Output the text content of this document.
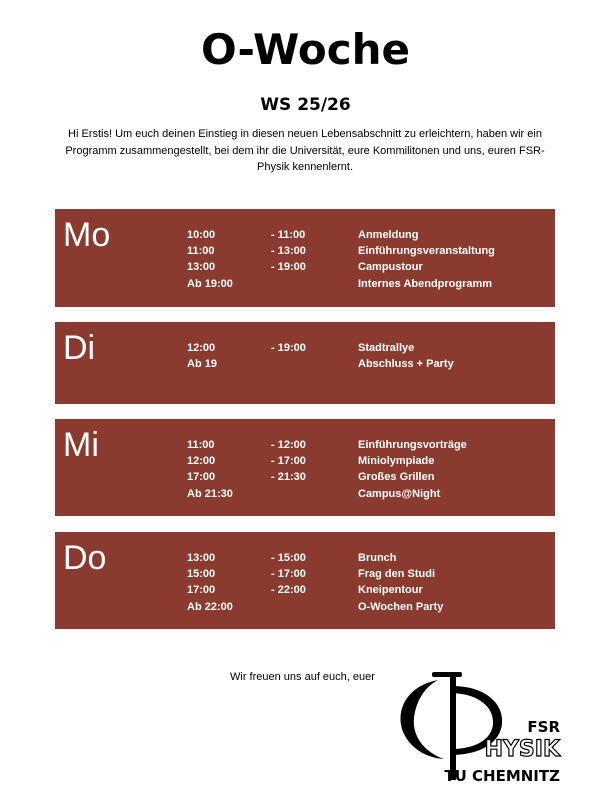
O-Woche
WS 25/26
Hi Erstis! Um euch deinen Einstieg in diesen neuen Lebensabschnitt zu erleichtern, haben wir ein Programm zusammengestellt, bei dem ihr die Universität, eure Kommilitonen und uns, euren FSR-Physik kennenlernt.
Mo	10:00	- 11:00	Anmeldung
11:00	- 13:00	Einführungsveranstaltung
13:00	- 19:00	Campustour
Ab 19:00	Internes Abendprogramm
Di	12:00	- 19:00	Stadtrallye
Ab 19	Abschluss + Party
Mi	11:00	- 12:00	Einführungsvorträge
12:00	- 17:00	Miniolympiade
17:00	- 21:30	Großes Grillen
Ab 21:30	Campus@Night
Do	13:00	- 15:00	Brunch
15:00	- 17:00	Frag den Studi
17:00	- 22:00	Kneipentour
Ab 22:00	O-Wochen Party
Wir freuen uns auf euch, euer
FSR
HYSIK
TU CHEMNITZ
